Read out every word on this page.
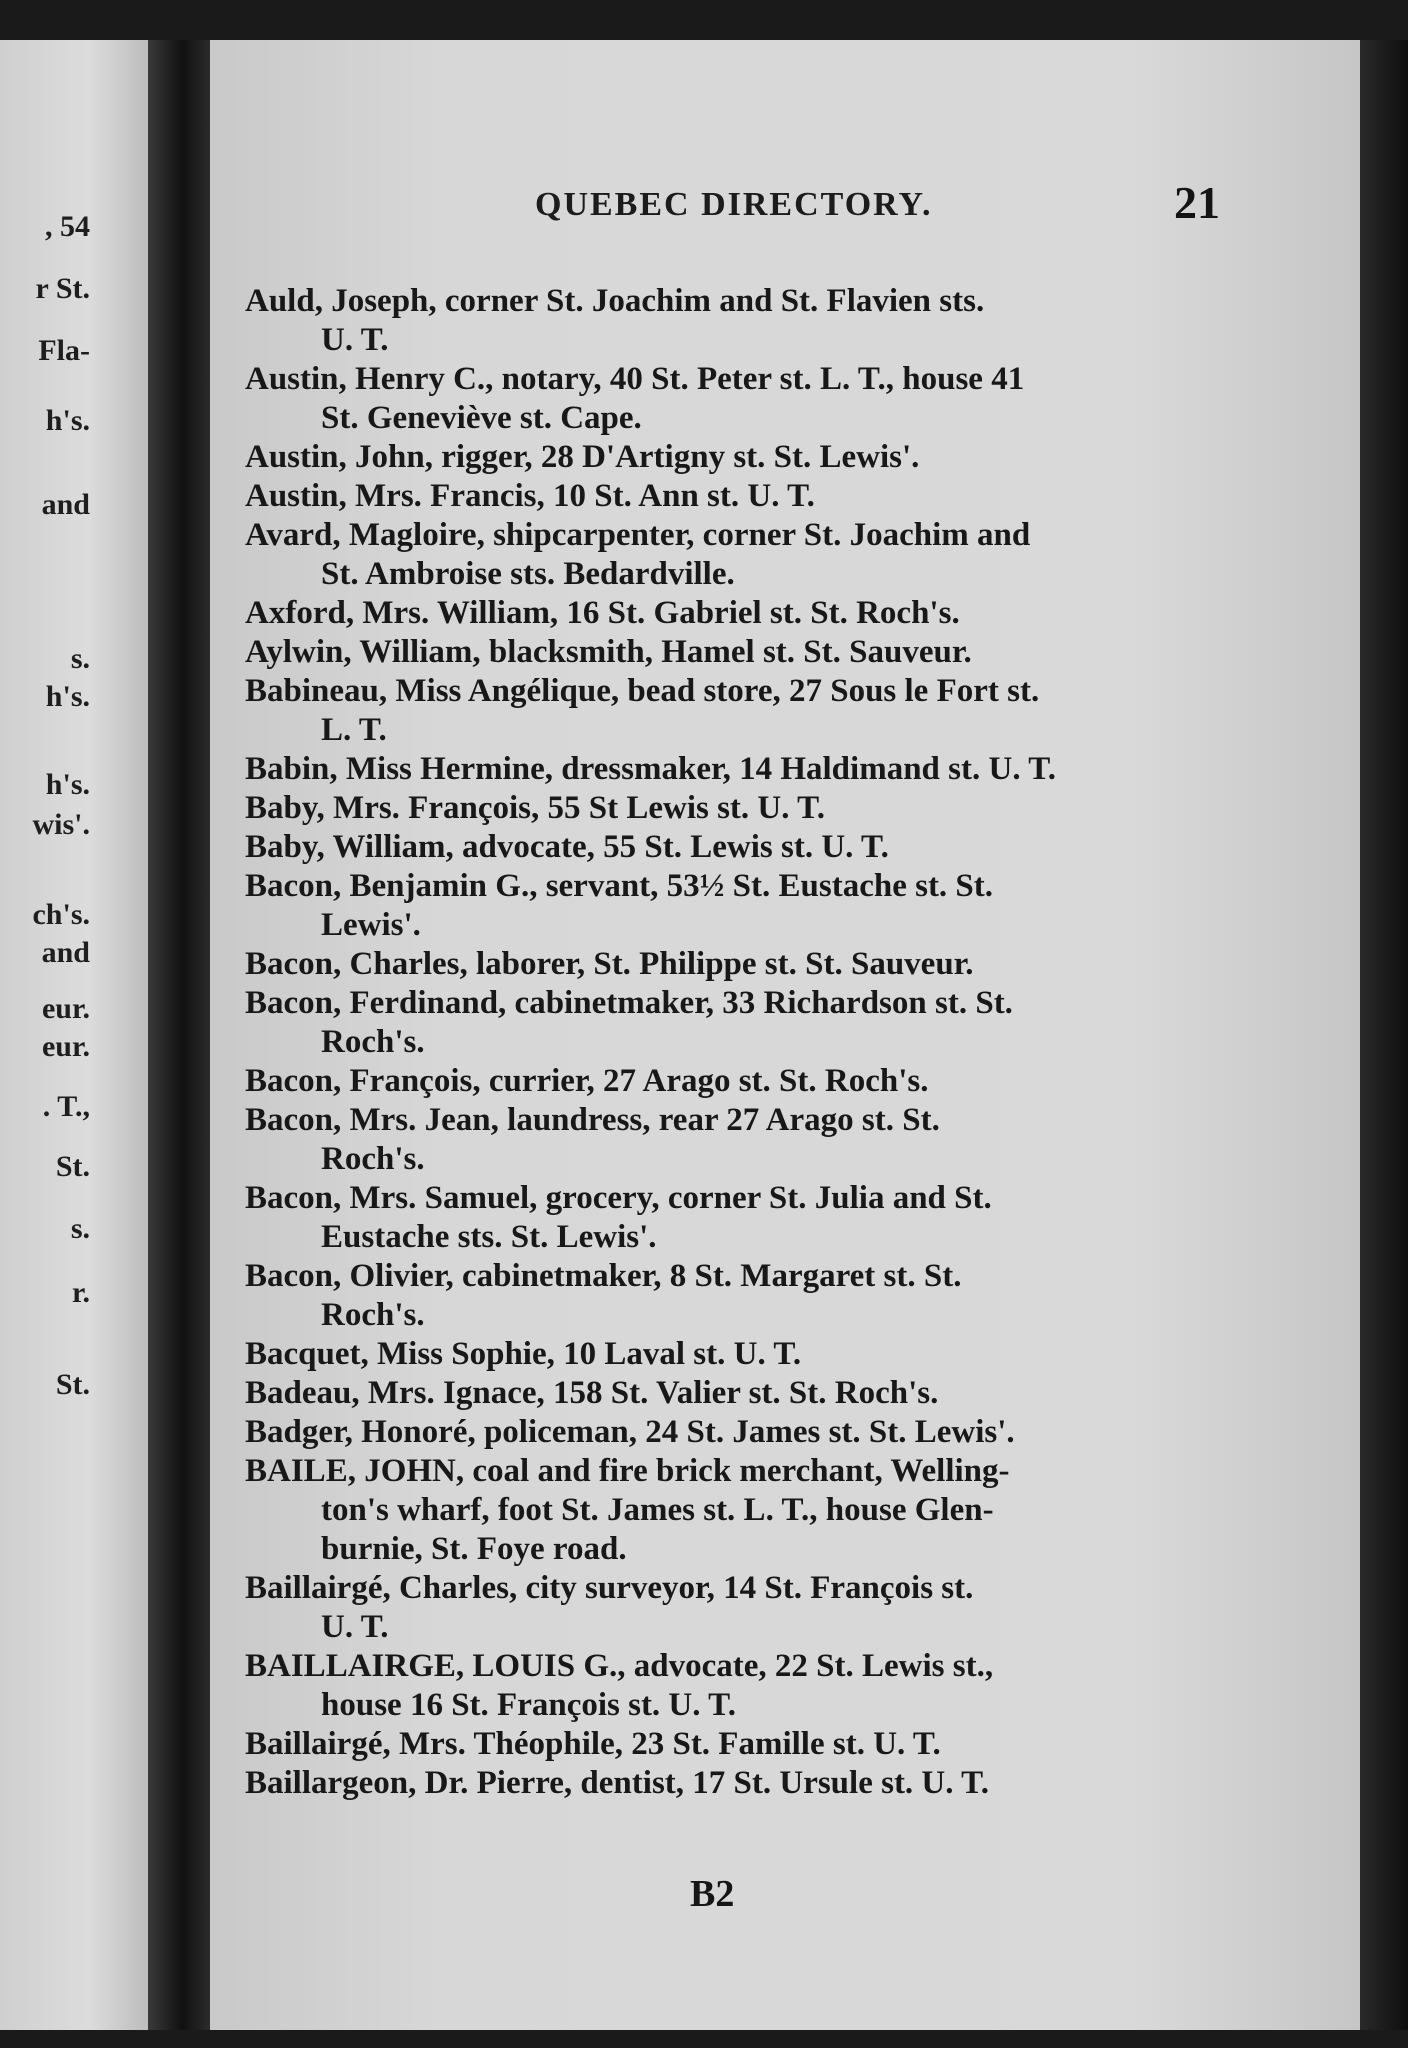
, 54
r St.
Fla-
h's.
and
s.
h's.
h's.
wis'.
ch's.
and
eur.
eur.
. T.,
St.
s.
r.
St.
QUEBEC DIRECTORY.	21
Auld, Joseph, corner St. Joachim and St. Flavien sts.
U. T.
Austin, Henry C., notary, 40 St. Peter st. L. T., house 41
St. Geneviève st. Cape.
Austin, John, rigger, 28 D'Artigny st. St. Lewis'.
Austin, Mrs. Francis, 10 St. Ann st. U. T.
Avard, Magloire, shipcarpenter, corner St. Joachim and
St. Ambroise sts. Bedardville.
Axford, Mrs. William, 16 St. Gabriel st. St. Roch's.
Aylwin, William, blacksmith, Hamel st. St. Sauveur.
Babineau, Miss Angélique, bead store, 27 Sous le Fort st.
L. T.
Babin, Miss Hermine, dressmaker, 14 Haldimand st. U. T.
Baby, Mrs. François, 55 St Lewis st. U. T.
Baby, William, advocate, 55 St. Lewis st. U. T.
Bacon, Benjamin G., servant, 53½ St. Eustache st. St.
Lewis'.
Bacon, Charles, laborer, St. Philippe st. St. Sauveur.
Bacon, Ferdinand, cabinetmaker, 33 Richardson st. St.
Roch's.
Bacon, François, currier, 27 Arago st. St. Roch's.
Bacon, Mrs. Jean, laundress, rear 27 Arago st. St.
Roch's.
Bacon, Mrs. Samuel, grocery, corner St. Julia and St.
Eustache sts. St. Lewis'.
Bacon, Olivier, cabinetmaker, 8 St. Margaret st. St.
Roch's.
Bacquet, Miss Sophie, 10 Laval st. U. T.
Badeau, Mrs. Ignace, 158 St. Valier st. St. Roch's.
Badger, Honoré, policeman, 24 St. James st. St. Lewis'.
BAILE, JOHN, coal and fire brick merchant, Welling-
ton's wharf, foot St. James st. L. T., house Glen-
burnie, St. Foye road.
Baillairgé, Charles, city surveyor, 14 St. François st.
U. T.
BAILLAIRGE, LOUIS G., advocate, 22 St. Lewis st.,
house 16 St. François st. U. T.
Baillairgé, Mrs. Théophile, 23 St. Famille st. U. T.
Baillargeon, Dr. Pierre, dentist, 17 St. Ursule st. U. T.
B2
